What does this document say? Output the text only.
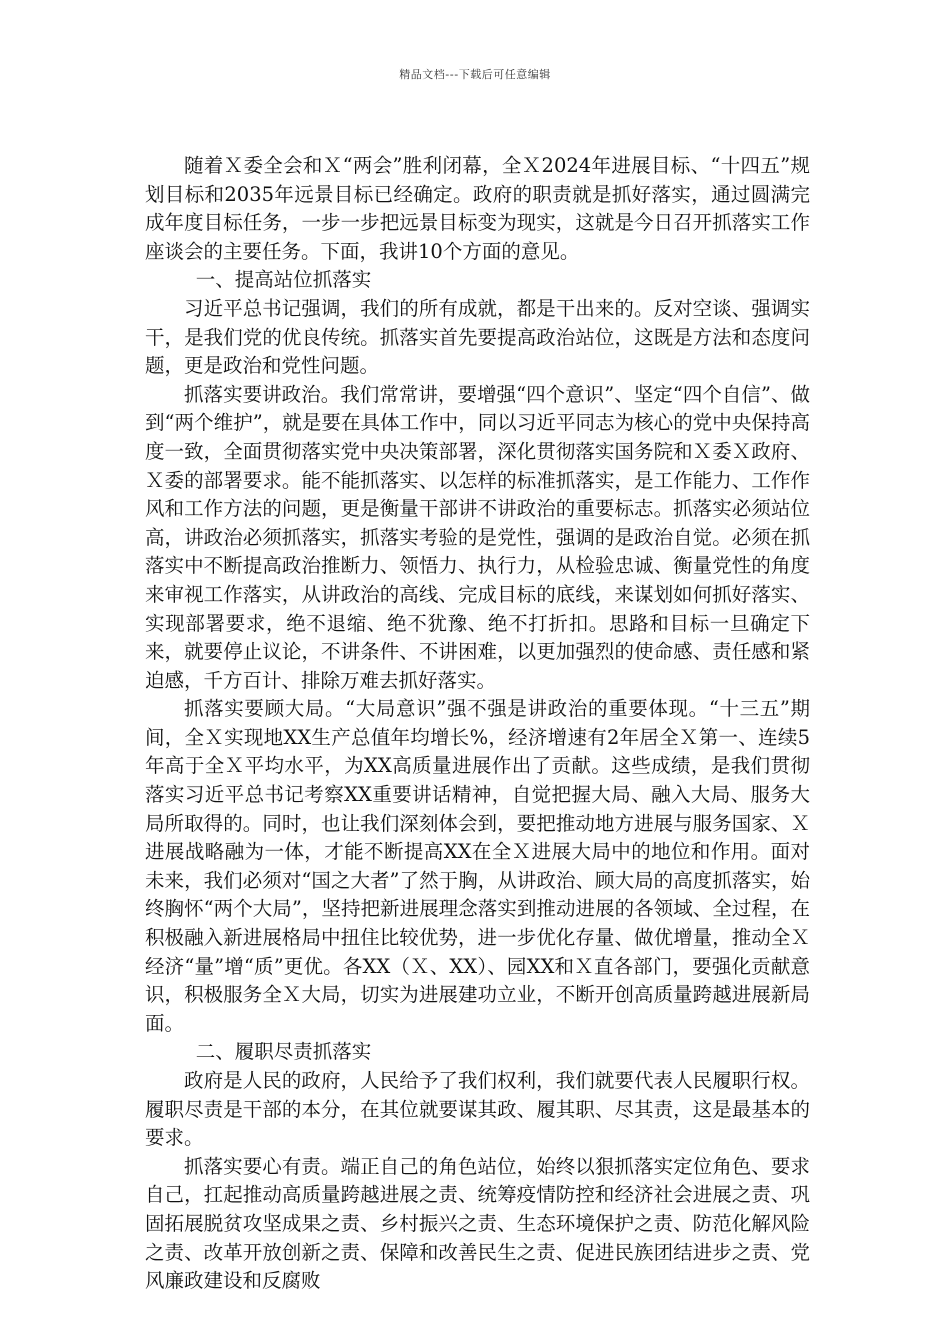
精品文档---下载后可任意编辑

随着Ｘ委全会和Ｘ“两会”胜利闭幕，全Ｘ2024年进展目标、“十四五”规划目标和2035年远景目标已经确定。政府的职责就是抓好落实，通过圆满完成年度目标任务，一步一步把远景目标变为现实，这就是今日召开抓落实工作座谈会的主要任务。下面，我讲10个方面的意见。

一、提高站位抓落实

习近平总书记强调，我们的所有成就，都是干出来的。反对空谈、强调实干，是我们党的优良传统。抓落实首先要提高政治站位，这既是方法和态度问题，更是政治和党性问题。

抓落实要讲政治。我们常常讲，要增强“四个意识”、坚定“四个自信”、做到“两个维护”，就是要在具体工作中，同以习近平同志为核心的党中央保持高度一致，全面贯彻落实党中央决策部署，深化贯彻落实国务院和Ｘ委Ｘ政府、Ｘ委的部署要求。能不能抓落实、以怎样的标准抓落实，是工作能力、工作作风和工作方法的问题，更是衡量干部讲不讲政治的重要标志。抓落实必须站位高，讲政治必须抓落实，抓落实考验的是党性，强调的是政治自觉。必须在抓落实中不断提高政治推断力、领悟力、执行力，从检验忠诚、衡量党性的角度来审视工作落实，从讲政治的高线、完成目标的底线，来谋划如何抓好落实、实现部署要求，绝不退缩、绝不犹豫、绝不打折扣。思路和目标一旦确定下来，就要停止议论，不讲条件、不讲困难，以更加强烈的使命感、责任感和紧迫感，千方百计、排除万难去抓好落实。

抓落实要顾大局。“大局意识”强不强是讲政治的重要体现。“十三五”期间，全Ｘ实现地XX生产总值年均增长%，经济增速有2年居全Ｘ第一、连续5年高于全Ｘ平均水平，为XX高质量进展作出了贡献。这些成绩，是我们贯彻落实习近平总书记考察XX重要讲话精神，自觉把握大局、融入大局、服务大局所取得的。同时，也让我们深刻体会到，要把推动地方进展与服务国家、Ｘ进展战略融为一体，才能不断提高XX在全Ｘ进展大局中的地位和作用。面对未来，我们必须对“国之大者”了然于胸，从讲政治、顾大局的高度抓落实，始终胸怀“两个大局”，坚持把新进展理念落实到推动进展的各领域、全过程，在积极融入新进展格局中扭住比较优势，进一步优化存量、做优增量，推动全Ｘ经济“量”增“质”更优。各XX（Ｘ、XX）、园XX和Ｘ直各部门，要强化贡献意识，积极服务全Ｘ大局，切实为进展建功立业，不断开创高质量跨越进展新局面。

二、履职尽责抓落实

政府是人民的政府，人民给予了我们权利，我们就要代表人民履职行权。履职尽责是干部的本分，在其位就要谋其政、履其职、尽其责，这是最基本的要求。

抓落实要心有责。端正自己的角色站位，始终以狠抓落实定位角色、要求自己，扛起推动高质量跨越进展之责、统筹疫情防控和经济社会进展之责、巩固拓展脱贫攻坚成果之责、乡村振兴之责、生态环境保护之责、防范化解风险之责、改革开放创新之责、保障和改善民生之责、促进民族团结进步之责、党风廉政建设和反腐败
